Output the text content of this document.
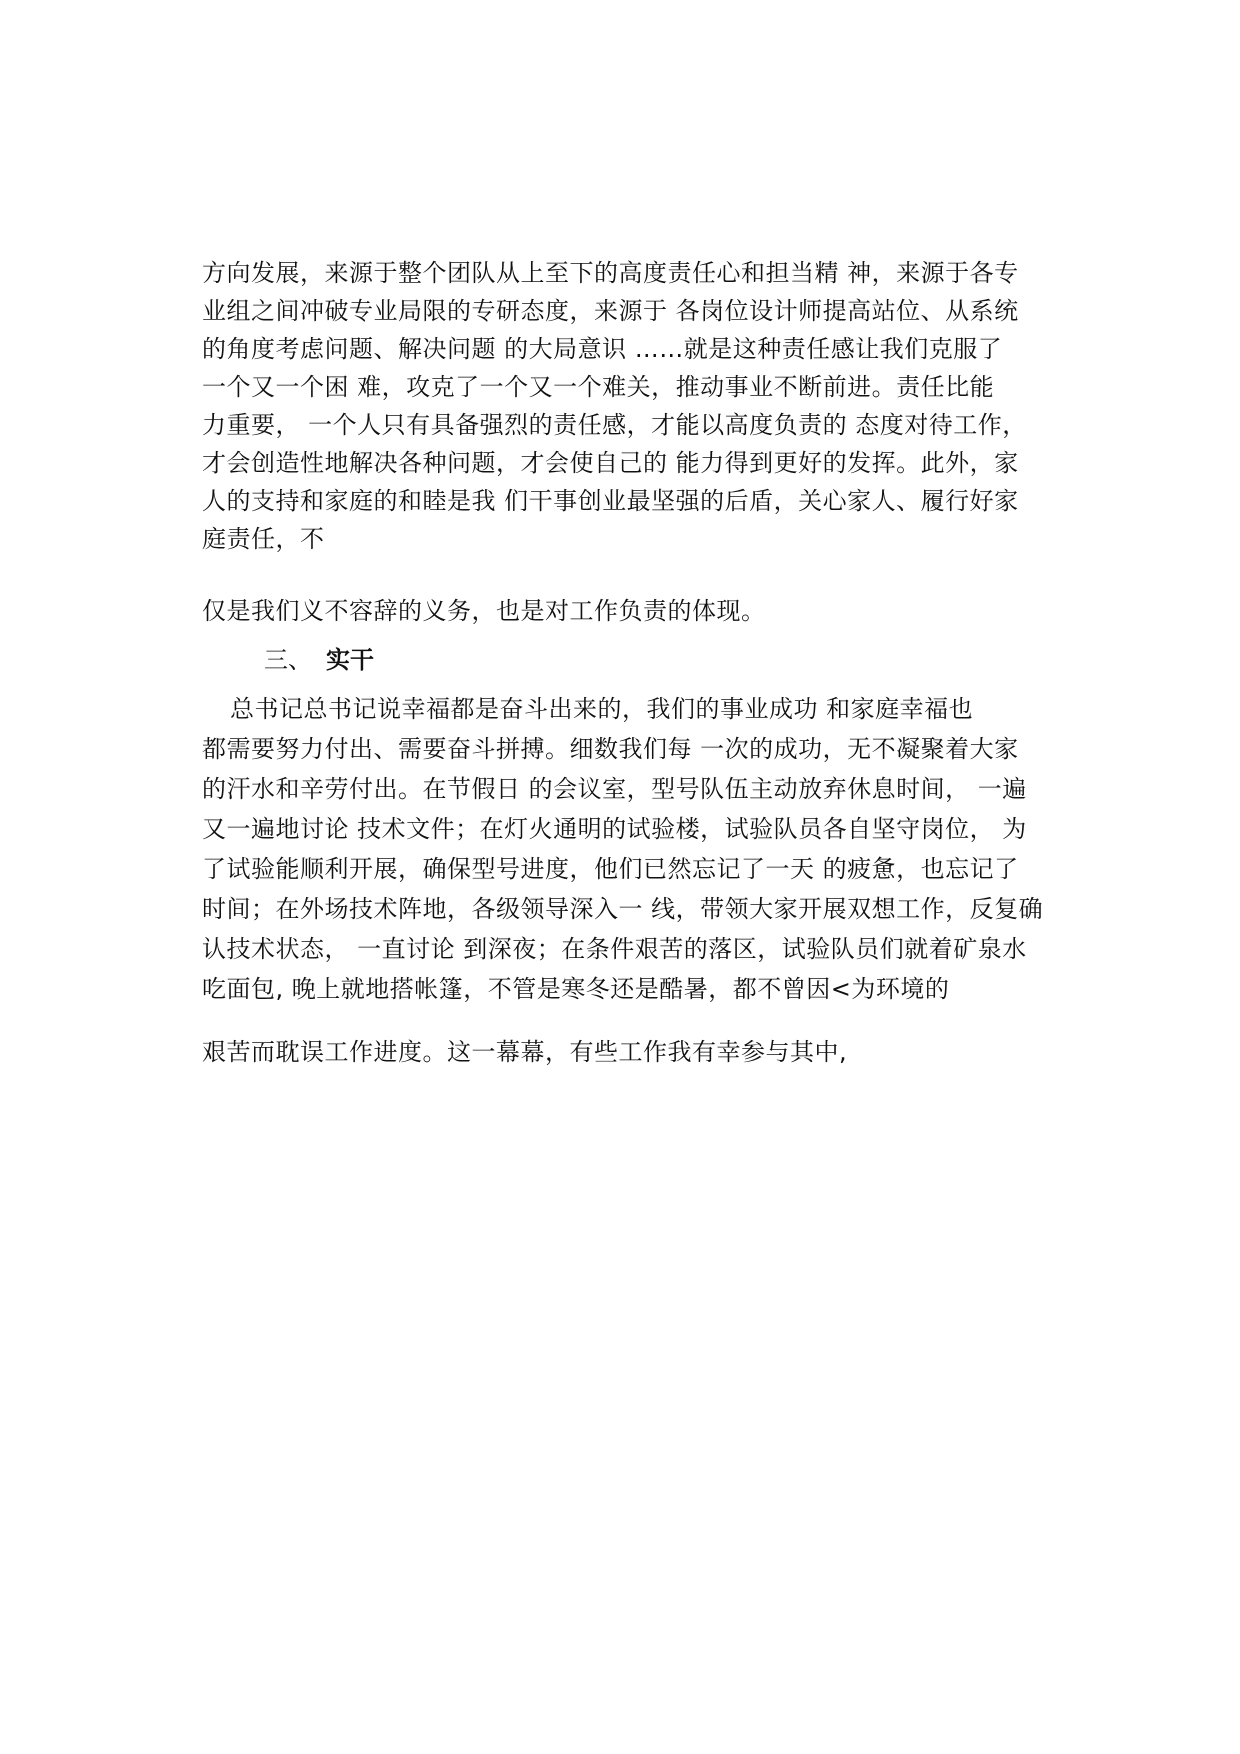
方向发展，来源于整个团队从上至下的高度责任心和担当精 神，来源于各专
业组之间冲破专业局限的专研态度，来源于 各岗位设计师提高站位、从系统
的角度考虑问题、解决问题 的大局意识 ……就是这种责任感让我们克服了
一个又一个困 难，攻克了一个又一个难关，推动事业不断前进。责任比能
力重要， 一个人只有具备强烈的责任感，才能以高度负责的 态度对待工作，
才会创造性地解决各种问题，才会使自己的 能力得到更好的发挥。此外，家
人的支持和家庭的和睦是我 们干事创业最坚强的后盾，关心家人、履行好家
庭责任，不
仅是我们义不容辞的义务，也是对工作负责的体现。
三、 实干
总书记总书记说幸福都是奋斗出来的，我们的事业成功 和家庭幸福也
都需要努力付出、需要奋斗拼搏。细数我们每 一次的成功，无不凝聚着大家
的汗水和辛劳付出。在节假日 的会议室，型号队伍主动放弃休息时间， 一遍
又一遍地讨论 技术文件；在灯火通明的试验楼，试验队员各自坚守岗位， 为
了试验能顺利开展，确保型号进度，他们已然忘记了一天 的疲惫，也忘记了
时间；在外场技术阵地，各级领导深入一 线，带领大家开展双想工作，反复确
认技术状态， 一直讨论 到深夜；在条件艰苦的落区，试验队员们就着矿泉水
吃面包, 晚上就地搭帐篷，不管是寒冬还是酷暑，都不曾因<为环境的
艰苦而耽误工作进度。这一幕幕，有些工作我有幸参与其中,
